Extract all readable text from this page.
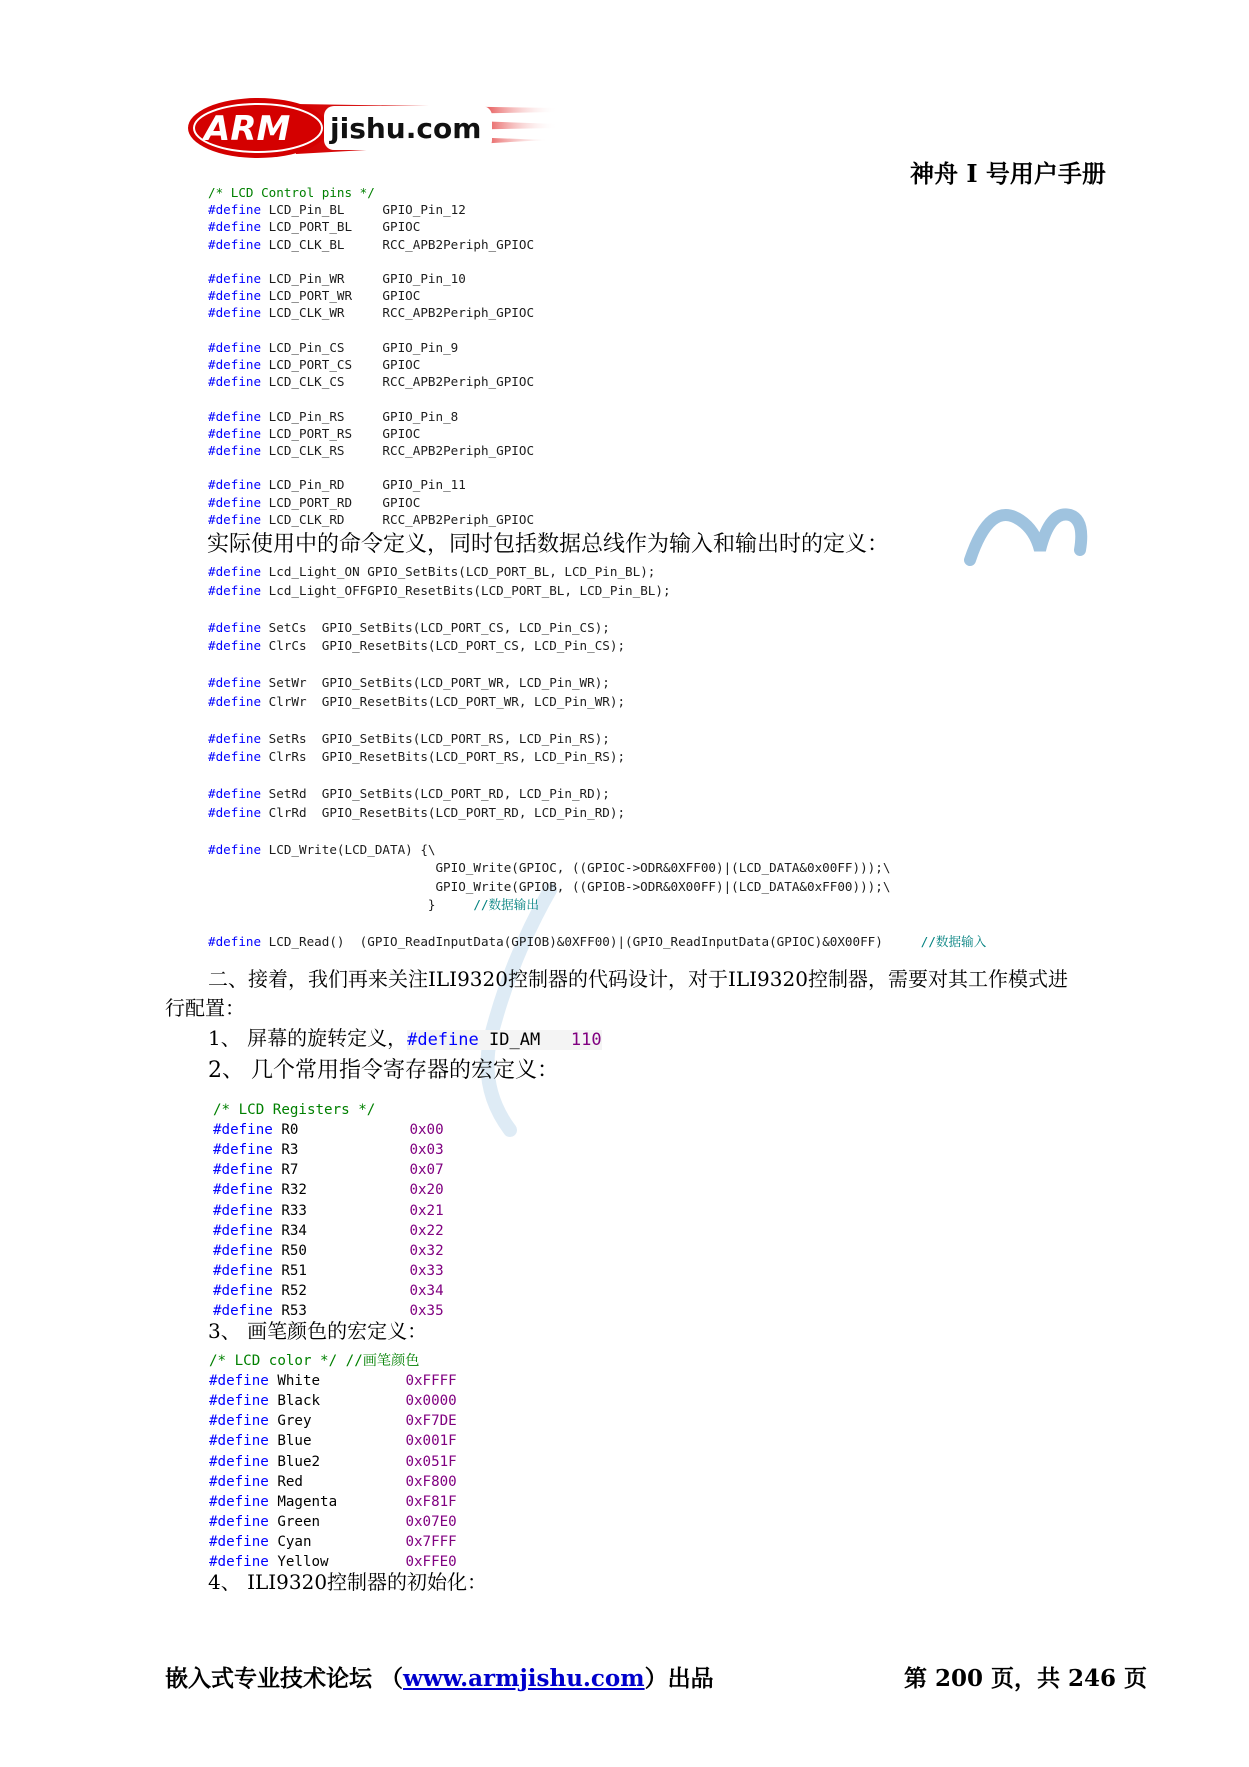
ARM jishu.com
神舟 I 号用户手册
/* LCD Control pins */
#define LCD_Pin_BL     GPIO_Pin_12
#define LCD_PORT_BL    GPIOC
#define LCD_CLK_BL     RCC_APB2Periph_GPIOC
#define LCD_Pin_WR     GPIO_Pin_10
#define LCD_PORT_WR    GPIOC
#define LCD_CLK_WR     RCC_APB2Periph_GPIOC
#define LCD_Pin_CS     GPIO_Pin_9
#define LCD_PORT_CS    GPIOC
#define LCD_CLK_CS     RCC_APB2Periph_GPIOC
#define LCD_Pin_RS     GPIO_Pin_8
#define LCD_PORT_RS    GPIOC
#define LCD_CLK_RS     RCC_APB2Periph_GPIOC
#define LCD_Pin_RD     GPIO_Pin_11
#define LCD_PORT_RD    GPIOC
#define LCD_CLK_RD     RCC_APB2Periph_GPIOC
实际使用中的命令定义，同时包括数据总线作为输入和输出时的定义：
#define Lcd_Light_ON GPIO_SetBits(LCD_PORT_BL, LCD_Pin_BL);
#define Lcd_Light_OFFGPIO_ResetBits(LCD_PORT_BL, LCD_Pin_BL);
#define SetCs  GPIO_SetBits(LCD_PORT_CS, LCD_Pin_CS);
#define ClrCs  GPIO_ResetBits(LCD_PORT_CS, LCD_Pin_CS);
#define SetWr  GPIO_SetBits(LCD_PORT_WR, LCD_Pin_WR);
#define ClrWr  GPIO_ResetBits(LCD_PORT_WR, LCD_Pin_WR);
#define SetRs  GPIO_SetBits(LCD_PORT_RS, LCD_Pin_RS);
#define ClrRs  GPIO_ResetBits(LCD_PORT_RS, LCD_Pin_RS);
#define SetRd  GPIO_SetBits(LCD_PORT_RD, LCD_Pin_RD);
#define ClrRd  GPIO_ResetBits(LCD_PORT_RD, LCD_Pin_RD);
#define LCD_Write(LCD_DATA) {\
GPIO_Write(GPIOC, ((GPIOC->ODR&0XFF00)|(LCD_DATA&0x00FF)));\
GPIO_Write(GPIOB, ((GPIOB->ODR&0X00FF)|(LCD_DATA&0xFF00)));\
}     //数据输出
#define LCD_Read()  (GPIO_ReadInputData(GPIOB)&0XFF00)|(GPIO_ReadInputData(GPIOC)&0X00FF)     //数据输入
二、接着，我们再来关注ILI9320控制器的代码设计，对于ILI9320控制器，需要对其工作模式进
行配置：
1、 屏幕的旋转定义，#define ID_AM 110
2、 几个常用指令寄存器的宏定义：
/* LCD Registers */
#define R0             0x00
#define R3             0x03
#define R7             0x07
#define R32            0x20
#define R33            0x21
#define R34            0x22
#define R50            0x32
#define R51            0x33
#define R52            0x34
#define R53            0x35
3、 画笔颜色的宏定义：
/* LCD color */ //画笔颜色
#define White          0xFFFF
#define Black          0x0000
#define Grey           0xF7DE
#define Blue           0x001F
#define Blue2          0x051F
#define Red            0xF800
#define Magenta        0xF81F
#define Green          0x07E0
#define Cyan           0x7FFF
#define Yellow         0xFFE0
4、 ILI9320控制器的初始化：
嵌入式专业技术论坛 （www.armjishu.com）出品	第 200 页，共 246 页
